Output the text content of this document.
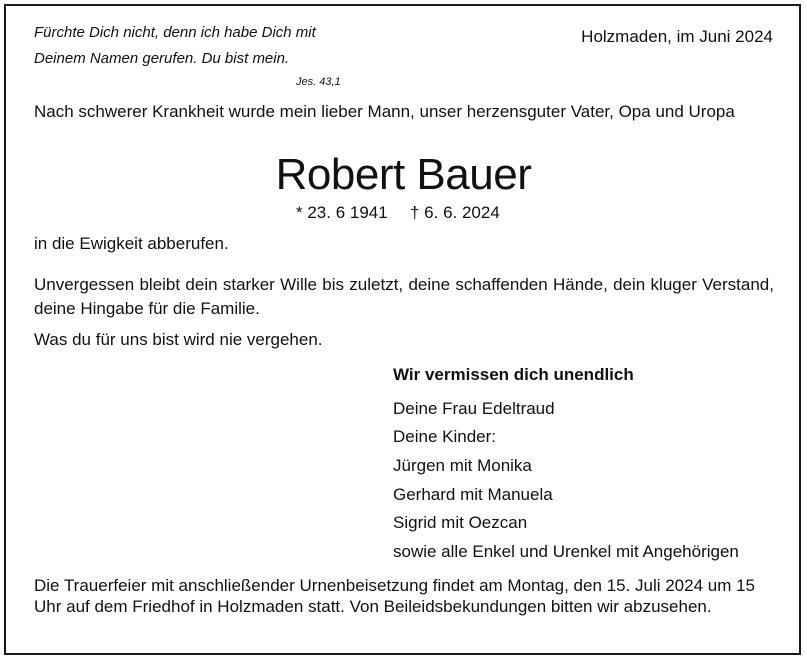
Fürchte Dich nicht, denn ich habe Dich mit
Deinem Namen gerufen. Du bist mein.
Jes. 43,1
Holzmaden, im Juni 2024
Nach schwerer Krankheit wurde mein lieber Mann, unser herzensguter Vater, Opa und Uropa
Robert Bauer
* 23. 6 1941 † 6. 6. 2024
in die Ewigkeit abberufen.
Unvergessen bleibt dein starker Wille bis zuletzt, deine schaffenden Hände, dein kluger Verstand, deine Hingabe für die Familie.
Was du für uns bist wird nie vergehen.
Wir vermissen dich unendlich
Deine Frau Edeltraud
Deine Kinder:
Jürgen mit Monika
Gerhard mit Manuela
Sigrid mit Oezcan
sowie alle Enkel und Urenkel mit Angehörigen
Die Trauerfeier mit anschließender Urnenbeisetzung findet am Montag, den 15. Juli 2024 um 15 Uhr auf dem Friedhof in Holzmaden statt. Von Beileidsbekundungen bitten wir abzusehen.
